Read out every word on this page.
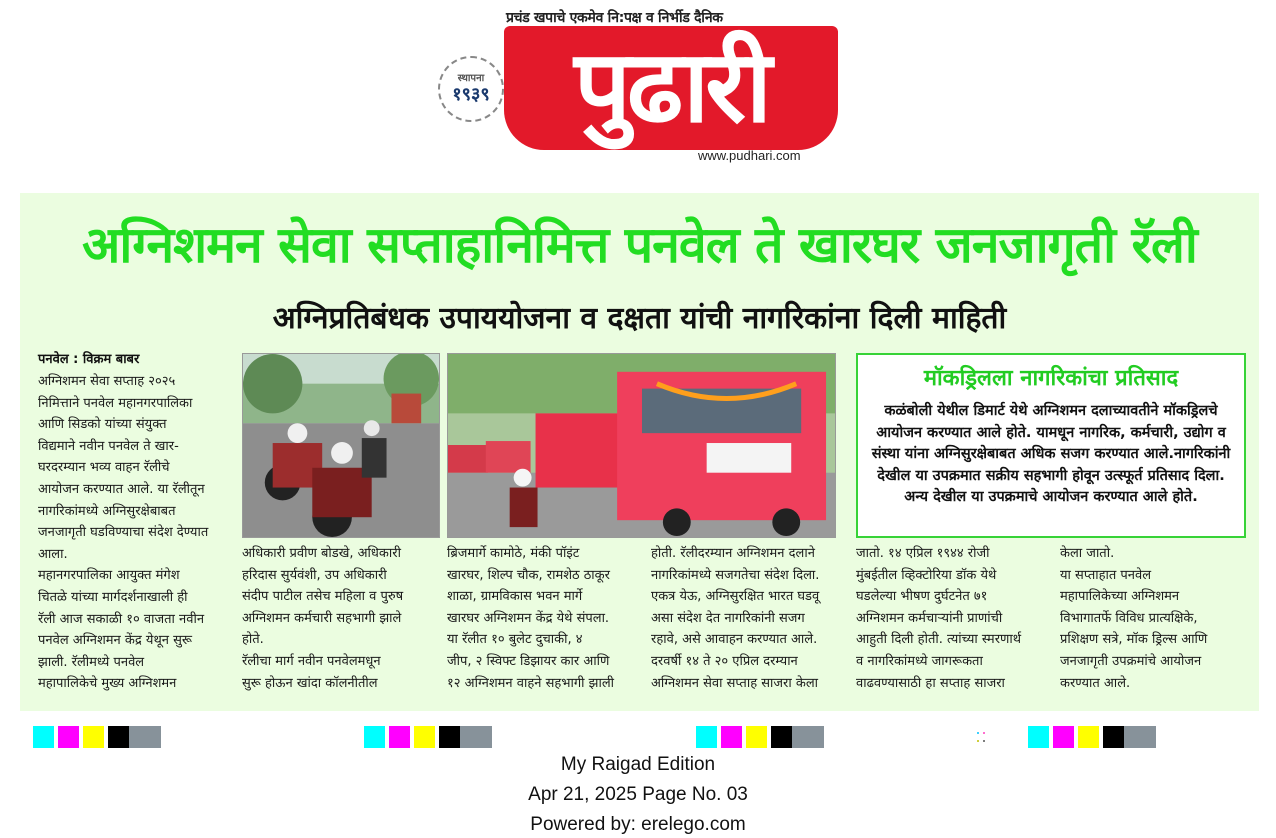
प्रचंड खपाचे एकमेव नि:पक्ष व निर्भीड दैनिक
स्थापना
१९३९ पुढारी
www.pudhari.com
अग्निशमन सेवा सप्ताहानिमित्त पनवेल ते खारघर जनजागृती रॅली
अग्निप्रतिबंधक उपाययोजना व दक्षता यांची नागरिकांना दिली माहिती
पनवेल : विक्रम बाबर
अग्निशमन सेवा सप्ताह २०२५
निमित्ताने पनवेल महानगरपालिका
आणि सिडको यांच्या संयुक्त
विद्यमाने नवीन पनवेल ते खार-
घरदरम्यान भव्य वाहन रॅलीचे
आयोजन करण्यात आले. या रॅलीतून
नागरिकांमध्ये अग्निसुरक्षेबाबत
जनजागृती घडविण्याचा संदेश देण्यात
आला.
महानगरपालिका आयुक्त मंगेश
चितळे यांच्या मार्गदर्शनाखाली ही
रॅली आज सकाळी १० वाजता नवीन
पनवेल अग्निशमन केंद्र येथून सुरू
झाली. रॅलीमध्ये पनवेल
महापालिकेचे मुख्य अग्निशमन
मॉकड्रिलला नागरिकांचा प्रतिसाद
कळंबोली येथील डिमार्ट येथे अग्निशमन दलाच्यावतीने मॉकड्रिलचे आयोजन करण्यात आले होते. यामधून नागरिक, कर्मचारी, उद्योग व संस्था यांना अग्निसुरक्षेबाबत अधिक सजग करण्यात आले.नागरिकांनी देखील या उपक्रमात सक्रीय सहभागी होवून उत्स्फूर्त प्रतिसाद दिला. अन्य देखील या उपक्रमाचे आयोजन करण्यात आले होते.
अधिकारी प्रवीण बोडखे, अधिकारी
हरिदास सुर्यवंशी, उप अधिकारी
संदीप पाटील तसेच महिला व पुरुष
अग्निशमन कर्मचारी सहभागी झाले
होते.
रॅलीचा मार्ग नवीन पनवेलमधून
सुरू होऊन खांदा कॉलनीतील
ब्रिजमार्गे कामोठे, मंकी पॉइंट
खारघर, शिल्प चौक, रामशेठ ठाकूर
शाळा, ग्रामविकास भवन मार्गे
खारघर अग्निशमन केंद्र येथे संपला.
या रॅलीत १० बुलेट दुचाकी, ४
जीप, २ स्विफ्ट डिझायर कार आणि
१२ अग्निशमन वाहने सहभागी झाली
होती. रॅलीदरम्यान अग्निशमन दलाने
नागरिकांमध्ये सजगतेचा संदेश दिला.
एकत्र येऊ, अग्निसुरक्षित भारत घडवू
असा संदेश देत नागरिकांनी सजग
रहावे, असे आवाहन करण्यात आले.
दरवर्षी १४ ते २० एप्रिल दरम्यान
अग्निशमन सेवा सप्ताह साजरा केला
जातो. १४ एप्रिल १९४४ रोजी
मुंबईतील व्हिक्टोरिया डॉक येथे
घडलेल्या भीषण दुर्घटनेत ७१
अग्निशमन कर्मचाऱ्यांनी प्राणांची
आहुती दिली होती. त्यांच्या स्मरणार्थ
व नागरिकांमध्ये जागरूकता
वाढवण्यासाठी हा सप्ताह साजरा
केला जातो.
या सप्ताहात पनवेल
महापालिकेच्या अग्निशमन
विभागातर्फे विविध प्रात्यक्षिके,
प्रशिक्षण सत्रे, मॉक ड्रिल्स आणि
जनजागृती उपक्रमांचे आयोजन
करण्यात आले.
My Raigad Edition
Apr 21, 2025 Page No. 03
Powered by: erelego.com
